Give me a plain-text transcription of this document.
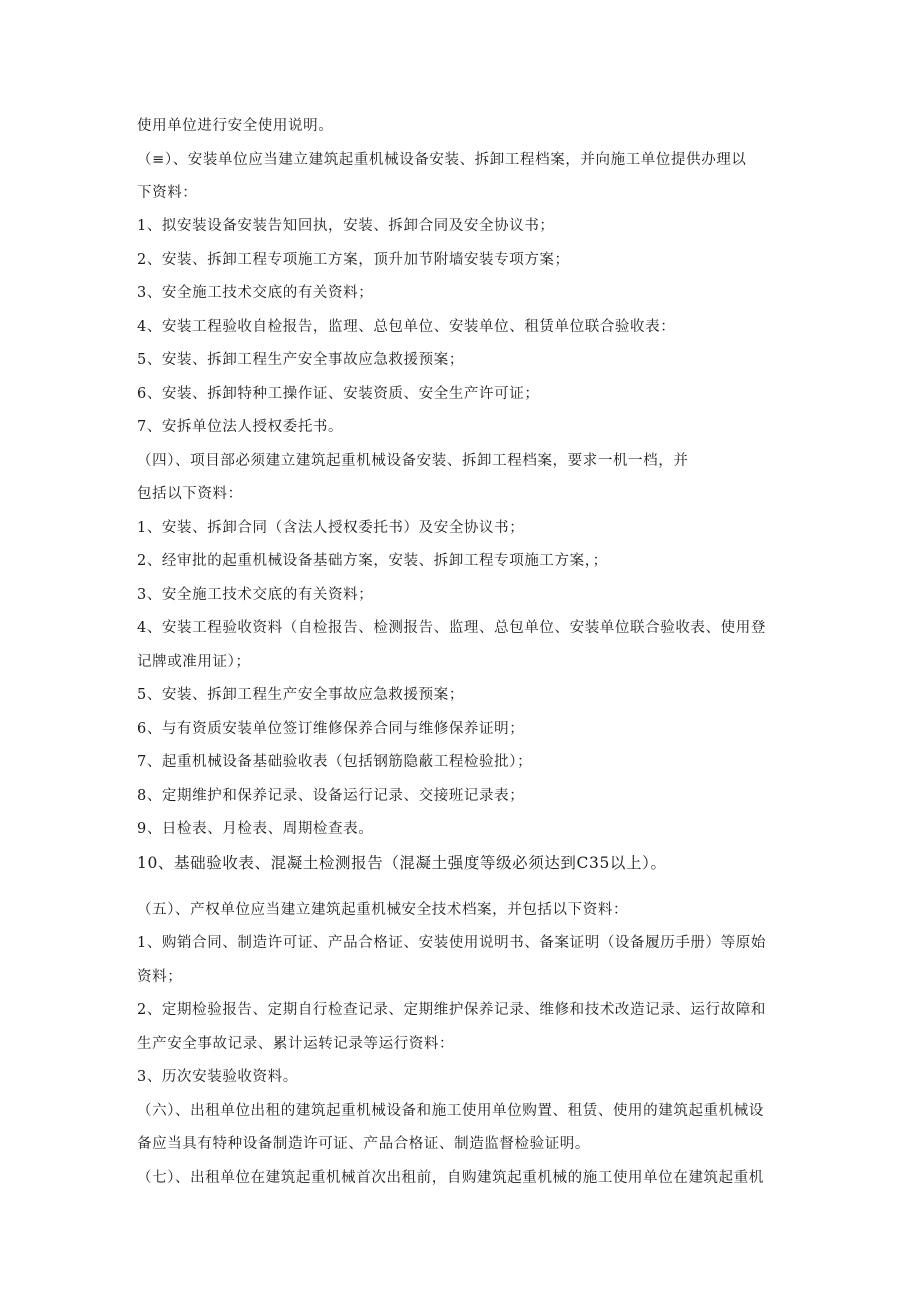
使用单位进行安全使用说明。
（≡）、安装单位应当建立建筑起重机械设备安装、拆卸工程档案，并向施工单位提供办理以
下资料：
1、拟安装设备安装告知回执，安装、拆卸合同及安全协议书；
2、安装、拆卸工程专项施工方案，顶升加节附墙安装专项方案；
3、安全施工技术交底的有关资料；
4、安装工程验收自检报告，监理、总包单位、安装单位、租赁单位联合验收表：
5、安装、拆卸工程生产安全事故应急救援预案；
6、安装、拆卸特种工操作证、安装资质、安全生产许可证；
7、安拆单位法人授权委托书。
（四）、项目部必须建立建筑起重机械设备安装、拆卸工程档案，要求一机一档，并
包括以下资料：
1、安装、拆卸合同（含法人授权委托书）及安全协议书；
2、经审批的起重机械设备基础方案，安装、拆卸工程专项施工方案，；
3、安全施工技术交底的有关资料；
4、安装工程验收资料（自检报告、检测报告、监理、总包单位、安装单位联合验收表、使用登
记牌或准用证）；
5、安装、拆卸工程生产安全事故应急救援预案；
6、与有资质安装单位签订维修保养合同与维修保养证明；
7、起重机械设备基础验收表（包括钢筋隐蔽工程检验批）；
8、定期维护和保养记录、设备运行记录、交接班记录表；
9、日检表、月检表、周期检查表。
10、基础验收表、混凝土检测报告（混凝土强度等级必须达到C35以上）。
（五）、产权单位应当建立建筑起重机械安全技术档案，并包括以下资料：
1、购销合同、制造许可证、产品合格证、安装使用说明书、备案证明（设备履历手册）等原始
资料；
2、定期检验报告、定期自行检查记录、定期维护保养记录、维修和技术改造记录、运行故障和
生产安全事故记录、累计运转记录等运行资料：
3、历次安装验收资料。
（六）、出租单位出租的建筑起重机械设备和施工使用单位购置、租赁、使用的建筑起重机械设
备应当具有特种设备制造许可证、产品合格证、制造监督检验证明。
（七）、出租单位在建筑起重机械首次出租前，自购建筑起重机械的施工使用单位在建筑起重机
